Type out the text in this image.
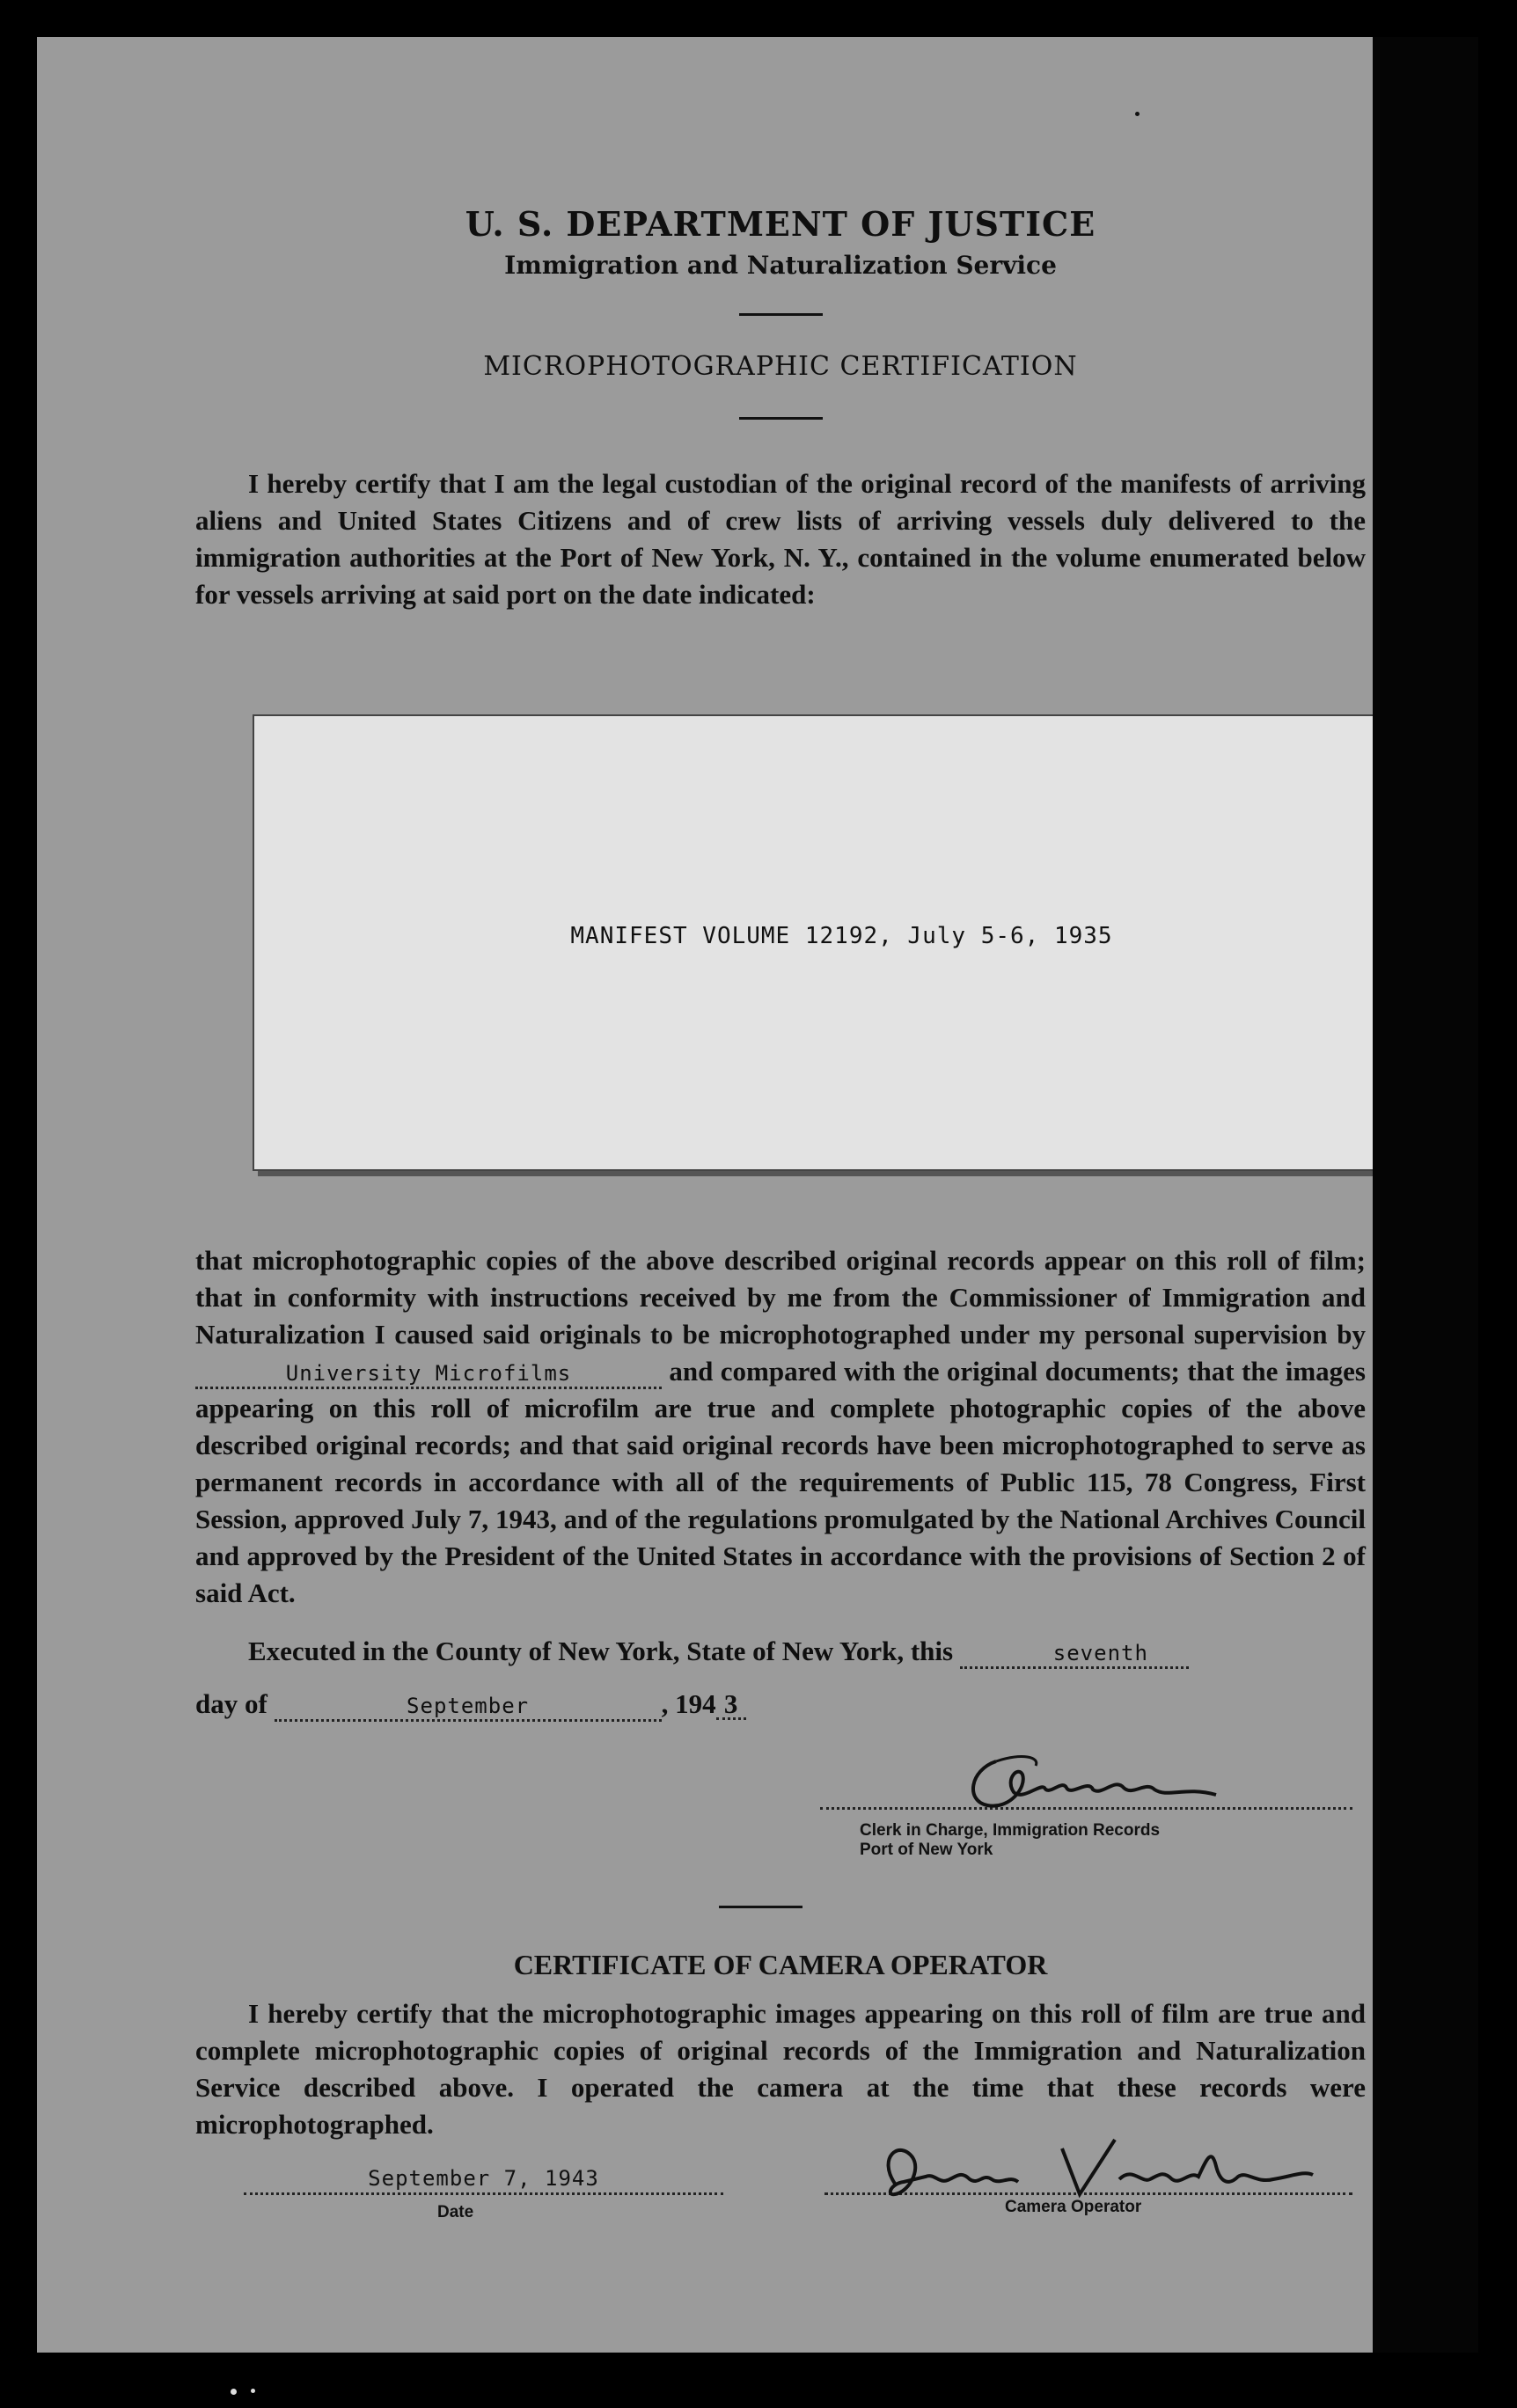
U. S. DEPARTMENT OF JUSTICE
Immigration and Naturalization Service
MICROPHOTOGRAPHIC CERTIFICATION

I hereby certify that I am the legal custodian of the original record of the manifests of arriving aliens and United States Citizens and of crew lists of arriving vessels duly delivered to the immigration authorities at the Port of New York, N. Y., contained in the volume enumerated below for vessels arriving at said port on the date indicated:

MANIFEST VOLUME 12192, July 5-6, 1935

that microphotographic copies of the above described original records appear on this roll of film; that in conformity with instructions received by me from the Commissioner of Immigration and Naturalization I caused said originals to be microphotographed under my personal supervision by University Microfilms	and compared with the original documents; that the images appearing on this roll of microfilm are true and complete photographic copies of the above described original records; and that said original records have been microphotographed to serve as permanent records in accordance with all of the requirements of Public 115, 78 Congress, First Session, approved July 7, 1943, and of the regulations promulgated by the National Archives Council and approved by the President of the United States in accordance with the provisions of Section 2 of said Act.

Executed in the County of New York, State of New York, this	seventh

day of	September	, 194 3

Clerk in Charge, Immigration Records
Port of New York
CERTIFICATE OF CAMERA OPERATOR

I hereby certify that the microphotographic images appearing on this roll of film are true and complete microphotographic copies of original records of the Immigration and Naturalization Service described above. I operated the camera at the time that these records were microphotographed.

September 7, 1943
Date	Camera Operator
